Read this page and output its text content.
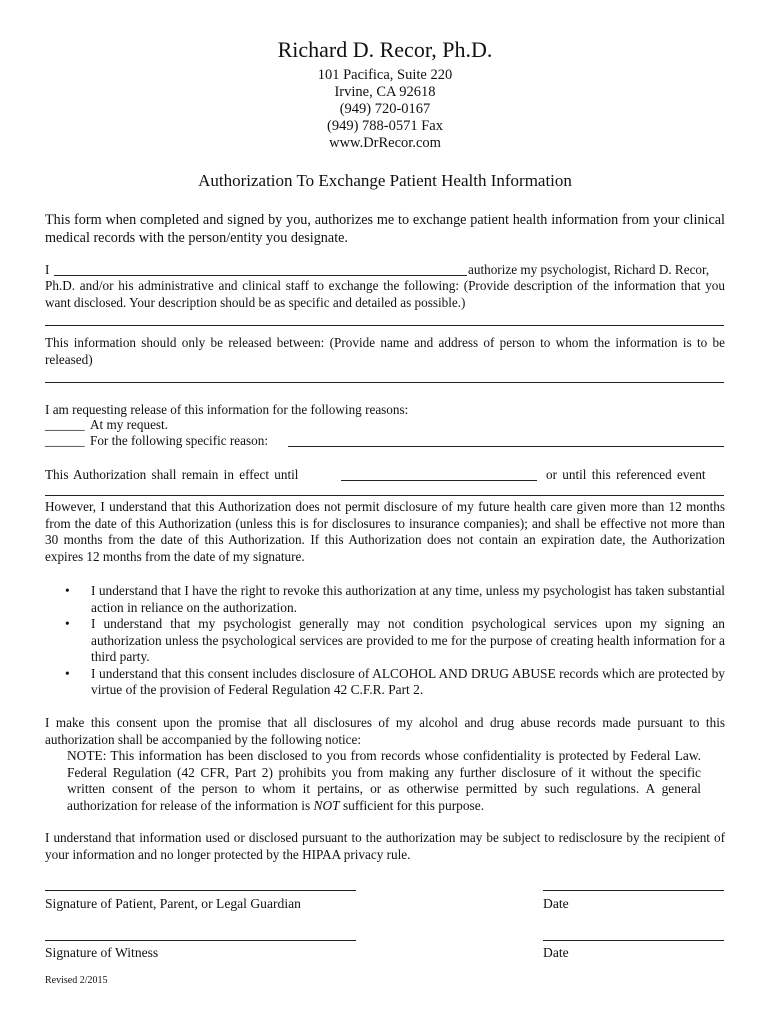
Richard D. Recor, Ph.D.
101 Pacifica, Suite 220
Irvine, CA 92618
(949) 720-0167
(949) 788-0571 Fax
www.DrRecor.com
Authorization To Exchange Patient Health Information
This form when completed and signed by you, authorizes me to exchange patient health information from your clinical medical records with the person/entity you designate.
I	authorize my psychologist, Richard D. Recor,
Ph.D. and/or his administrative and clinical staff to exchange the following: (Provide description of the information that you want disclosed. Your description should be as specific and detailed as possible.)
This information should only be released between: (Provide name and address of person to whom the information is to be released)
I am requesting release of this information for the following reasons:
______ At my request.
______ For the following specific reason:
This Authorization shall remain in effect until	or until this referenced event
However, I understand that this Authorization does not permit disclosure of my future health care given more than 12 months from the date of this Authorization (unless this is for disclosures to insurance companies); and shall be effective not more than 30 months from the date of this Authorization. If this Authorization does not contain an expiration date, the Authorization expires 12 months from the date of my signature.

• I understand that I have the right to revoke this authorization at any time, unless my psychologist has taken substantial action in reliance on the authorization.

• I understand that my psychologist generally may not condition psychological services upon my signing an authorization unless the psychological services are provided to me for the purpose of creating health information for a third party.

• I understand that this consent includes disclosure of ALCOHOL AND DRUG ABUSE records which are protected by virtue of the provision of Federal Regulation 42 C.F.R. Part 2.

I make this consent upon the promise that all disclosures of my alcohol and drug abuse records made pursuant to this authorization shall be accompanied by the following notice:
NOTE: This information has been disclosed to you from records whose confidentiality is protected by Federal Law. Federal Regulation (42 CFR, Part 2) prohibits you from making any further disclosure of it without the specific written consent of the person to whom it pertains, or as otherwise permitted by such regulations. A general authorization for release of the information is NOT sufficient for this purpose.
I understand that information used or disclosed pursuant to the authorization may be subject to redisclosure by the recipient of your information and no longer protected by the HIPAA privacy rule.
Signature of Patient, Parent, or Legal Guardian	Date
Signature of Witness	Date
Revised 2/2015
